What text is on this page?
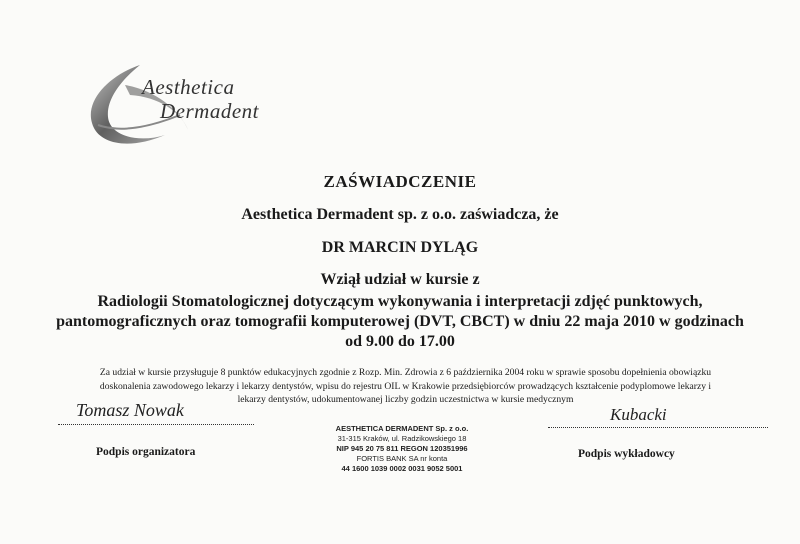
Aesthetica
Dermadent
ZAŚWIADCZENIE
Aesthetica Dermadent sp. z o.o. zaświadcza, że
DR MARCIN DYLĄG
Wziął udział w kursie z
Radiologii Stomatologicznej dotyczącym wykonywania i interpretacji zdjęć punktowych,
pantomograficznych oraz tomografii komputerowej (DVT, CBCT) w dniu 22 maja 2010 w godzinach
od 9.00 do 17.00
Za udział w kursie przysługuje 8 punktów edukacyjnych zgodnie z Rozp. Min. Zdrowia z 6 października 2004 roku w sprawie sposobu dopełnienia obowiązku
doskonalenia zawodowego lekarzy i lekarzy dentystów, wpisu do rejestru OIL w Krakowie przedsiębiorców prowadzących kształcenie podyplomowe lekarzy i
lekarzy dentystów, udokumentowanej liczby godzin uczestnictwa w kursie medycznym
Tomasz Nowak
Podpis organizatora
AESTHETICA DERMADENT Sp. z o.o.
31-315 Kraków, ul. Radzikowskiego 18
NIP 945 20 75 811 REGON 120351996
FORTIS BANK SA nr konta
44 1600 1039 0002 0031 9052 5001
Kubacki
Podpis wykładowcy
